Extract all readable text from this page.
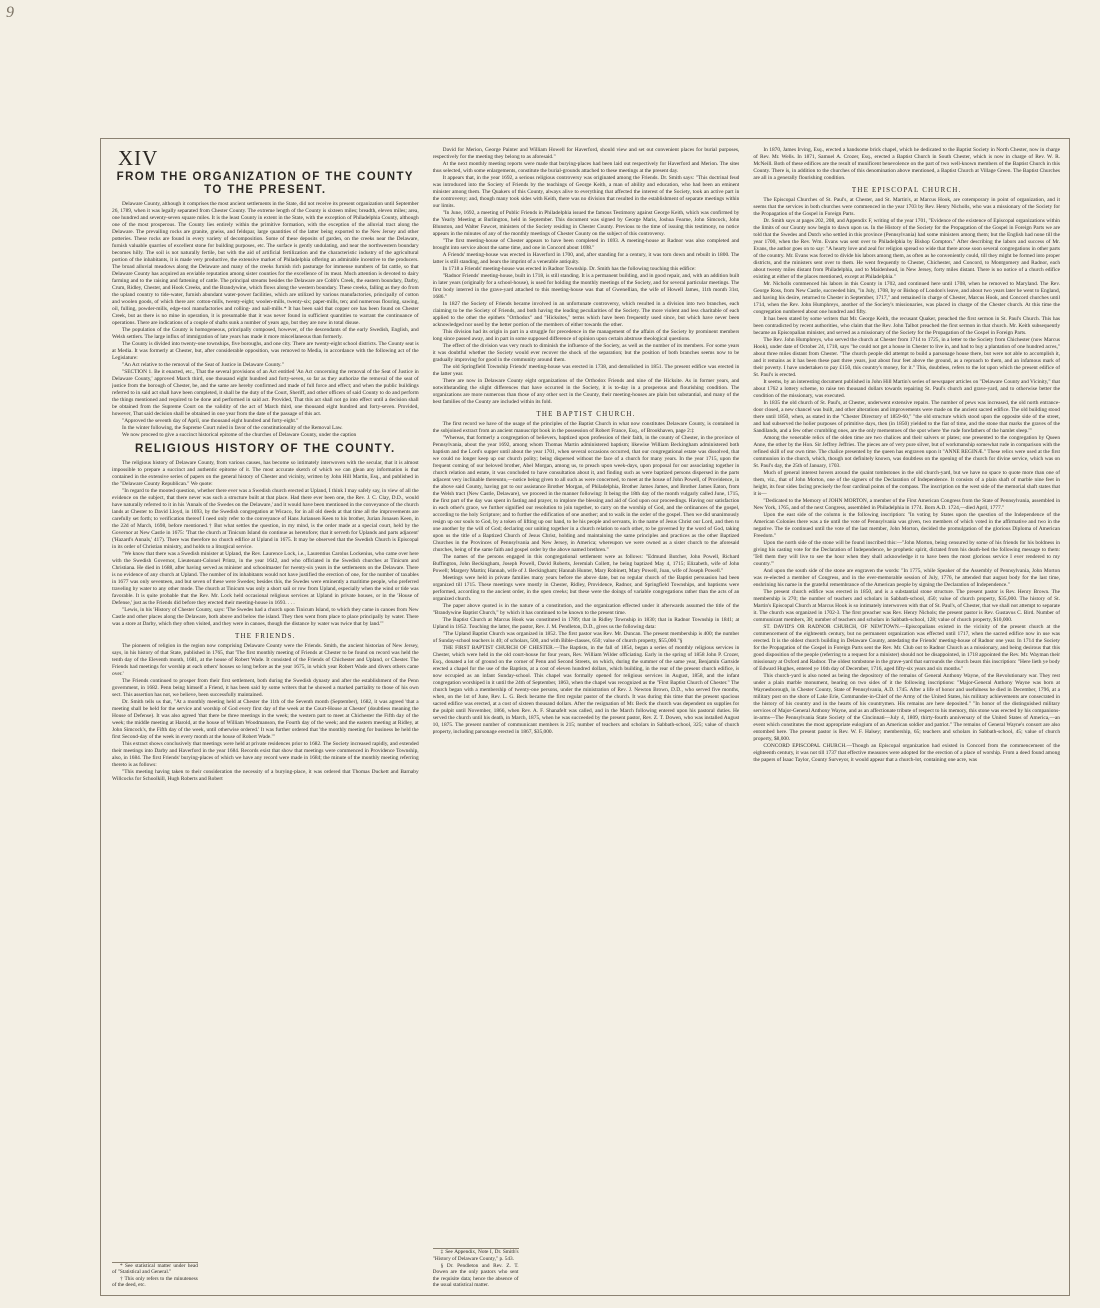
9
XIV
FROM THE ORGANIZATION OF THE COUNTY TO THE PRESENT.

Delaware County, although it comprises the most ancient settlements in the State, did not receive its present organization until September 26, 1789, when it was legally separated from Chester County. The extreme length of the County is sixteen miles; breadth, eleven miles; area, one hundred and seventy-seven square miles. It is the least County in extent in the State, with the exception of Philadelphia County, although one of the most prosperous. The County lies entirely within the primitive formation, with the exception of the alluvial tract along the Delaware. The prevailing rocks are granite, gneiss, and feldspar, large quantities of the latter being exported to the New Jersey and other potteries. These rocks are found in every variety of decomposition. Some of these deposits of garden, on the creeks near the Delaware, furnish valuable quarries of excellent stone for building purposes, etc. The surface is gently undulating, and near the northwestern boundary becomes hilly. The soil is not naturally fertile, but with the aid of artificial fertilization and the characteristic industry of the agricultural portion of the inhabitants, it is made very productive, the extensive market of Philadelphia offering an admirable incentive to the producers. The broad alluvial meadows along the Delaware and many of the creeks furnish rich pasturage for immense numbers of fat cattle, so that Delaware County has acquired an enviable reputation among sister counties for the excellence of its meat. Much attention is devoted to dairy farming and to the raising and fattening of cattle. The principal streams besides the Delaware are Cobb's Creek, the eastern boundary, Darby, Crum, Ridley, Chester, and Hook Creeks, and the Brandywine, which flows along the western boundary. These creeks, falling as they do from the upland country to tide-water, furnish abundant water-power facilities, which are utilized by various manufactories, principally of cotton and woolen goods, of which there are: cotton-mills, twenty-eight; woolen-mills, twenty-six; paper-mills, ten; and numerous flouring, sawing, oil, fulling, powder-mills, edge-tool manufactories and rolling- and nail-mills.* It has been said that copper ore has been found on Chester Creek, but as there is no mine in operation, it is presumable that it was never found in sufficient quantities to warrant the continuance of operations. There are indications of a couple of shafts sunk a number of years ago, but they are now in total disuse.

The population of the County is homogeneous, principally composed, however, of the descendants of the early Swedish, English, and Welsh settlers. The large influx of immigration of late years has made it more miscellaneous than formerly.

The County is divided into twenty-one townships, five boroughs, and one city. There are twenty-eight school districts. The County seat is at Media. It was formerly at Chester, but, after considerable opposition, was removed to Media, in accordance with the following act of the Legislature:

"An Act relative to the removal of the Seat of Justice in Delaware County."

"SECTION 1. Be it enacted, etc., That the several provisions of an Act entitled 'An Act concerning the removal of the Seat of Justice in Delaware County,' approved March third, one thousand eight hundred and forty-seven, so far as they authorize the removal of the seat of justice from the borough of Chester, be, and the same are hereby confirmed and made of full force and effect; and when the public buildings referred to in said act shall have been completed, it shall be the duty of the Court, Sheriff, and other officers of said County to do and perform the things mentioned and required to be done and performed in said act. Provided, That this act shall not go into effect until a decision shall be obtained from the Supreme Court on the validity of the act of March third, one thousand eight hundred and forty-seven. Provided, however, That said decision shall be obtained in one year from the date of the passage of this act.

"Approved the seventh day of April, one thousand eight hundred and forty-eight."

In the winter following, the Supreme Court ruled in favor of the constitutionality of the Removal Law.

We now proceed to give a succinct historical epitome of the churches of Delaware County, under the caption

RELIGIOUS HISTORY OF THE COUNTY.

The religious history of Delaware County, from various causes, has become so intimately interwoven with the secular, that it is almost impossible to prepare a succinct and authentic epitome of it. The most accurate sketch of which we can glean any information is that contained in the extensive series of papers on the general history of Chester and vicinity, written by John Hill Martin, Esq., and published in the "Delaware County Republican." We quote:

"In regard to the mooted question, whether there ever was a Swedish church erected at Upland, I think I may safely say, in view of all the evidence on the subject, that there never was such a structure built at that place. Had there ever been one, the Rev. J. C. Clay, D.D., would have naturally referred to it in his 'Annals of the Swedes on the Delaware,' and it would have been mentioned in the conveyance of the church lands at Chester to David Lloyd, in 1693, by the Swedish congregation at Wicaco, for in all old deeds at that time all the improvements are carefully set forth; to verification thereof I need only refer to the conveyance of Hans Juriansen Keen to his brother, Jurian Jonasen Keen, in the 22d of March, 1698, before mentioned.† But what settles the question, in my mind, is the order made at a special court, held by the Governor at New Castle in 1675: 'That the church at Tinicum Island do continue as heretofore; that it serveth for Uplands and parts adjacent' ('Hazard's Annals,' 417). There was therefore no church edifice at Upland in 1675. It may be observed that the Swedish Church is Episcopal in its order of Christian ministry, and holds to a liturgical service.

"We know that there was a Swedish minister at Upland, the Rev. Laurence Lock, i.e., Laurentius Carolus Lockenius, who came over here with the Swedish Governor, Lieutenant-Colonel Printz, in the year 1642, and who officiated in the Swedish churches at Tinicum and Christiana. He died in 1688, after having served as minister and schoolmaster for twenty-six years in the settlements on the Delaware. There is no evidence of any church at Upland. The number of its inhabitants would not have justified the erection of one, for the number of taxables in 1677 was only seventeen, and but seven of these were Swedes; besides this, the Swedes were eminently a maritime people, who preferred traveling by water to any other mode. The church at Tinicum was only a short sail or row from Upland, especially when the wind or tide was favorable. It is quite probable that the Rev. Mr. Lock held occasional religious services at Upland in private houses, or in the 'House of Defense,' just as the Friends did before they erected their meeting-house in 1693. . . .

"Lewis, in his 'History of Chester County, says: 'The Swedes had a church upon Tinicum Island, to which they came in canoes from New Castle and other places along the Delaware, both above and below the island. They then went from place to place principally by water. There was a store at Darby, which they often visited, and they were in canoes, though the distance by water was twice that by land.'"

THE FRIENDS.

The pioneers of religion in the region now comprising Delaware County were the Friends. Smith, the ancient historian of New Jersey, says, in his history of that State, published in 1765, that 'The first monthly meeting of Friends at Chester to be found on record was held the tenth day of the Eleventh month, 1681, at the house of Robert Wade. It consisted of the Friends of Chichester and Upland, or Chester. The Friends had meetings for worship at each others' houses so long before as the year 1675, in which year Robert Wade and divers others came over.'

The Friends continued to prosper from their first settlement, both during the Swedish dynasty and after the establishment of the Penn government, in 1682. Penn being himself a Friend, it has been said by some writers that he showed a marked partiality to those of his own sect. This assertion has not, we believe, been successfully maintained.

Dr. Smith tells us that, "At a monthly meeting held at Chester the 11th of the Seventh month (September), 1682, it was agreed 'that a meeting shall be held for the service and worship of God every first day of the week at the Court-House at Chester' (doubtless meaning the House of Defense). It was also agreed 'that there be three meetings in the week; the western part to meet at Chichester the Fifth day of the week; the middle meeting at Harold, at the house of William Woodmanson, the Fourth day of the week; and the eastern meeting at Ridley, at John Simcock's, the Fifth day of the week, until otherwise ordered.' It was further ordered that 'the monthly meeting for business be held the first Second-day of the week in every month at the house of Robert Wade.'"

This extract shows conclusively that meetings were held at private residences prior to 1682. The Society increased rapidly, and extended their meetings into Darby and Haverford in the year 1684. Records exist that show that meetings were commenced in Providence Township, also, in 1684. The first Friends' burying-places of which we have any record were made in 1684; the minute of the monthly meeting referring thereto is as follows:

"This meeting having taken to their consideration the necessity of a burying-place, it was ordered that Thomas Duckett and Barnaby Willcocks for Schoolkill, Hugh Roberts and Robert

* See statistical matter under head of "Statistical and General."

† This only refers to the minuteness of the deed, etc.

David for Merion, George Painter and William Howell for Haverford, should view and set out convenient places for burial purposes, respectively for the meeting they belong to as aforesaid."

At the next monthly meeting reports were made that burying-places had been laid out respectively for Haverford and Merion. The sites thus selected, with some enlargements, constitute the burial-grounds attached to these meetings at the present day.

It appears that, in the year 1692, a serious religious controversy was originated among the Friends. Dr. Smith says: "This doctrinal feud was introduced into the Society of Friends by the teachings of George Keith, a man of ability and education, who had been an eminent minister among them. The Quakers of this County, always alive to everything that affected the interest of the Society, took an active part in the controversy; and, though many took sides with Keith, there was no division that resulted in the establishment of separate meetings within our limits.

"In June, 1692, a meeting of Public Friends in Philadelphia issued the famous Testimony against George Keith, which was confirmed by the Yearly Meeting at Burlington, held in September. This document was signed by George Maris, Joshua Fearne, John Simcock, John Blunston, and Walter Fawcet, ministers of the Society residing in Chester County. Previous to the time of issuing this testimony, no notice appears in the minutes of any of the monthly meetings of Chester County on the subject of this controversy.

"The first meeting-house of Chester appears to have been completed in 1693. A meeting-house at Radnor was also completed and brought into service about the same time, and one in Concord about 1698."

A Friends' meeting-house was erected in Haverford in 1700, and, after standing for a century, it was torn down and rebuilt in 1800. The latter is still standing, and bears the imprint of a venerable antiquity.

In 1718 a Friends' meeting-house was erected in Radnor Township. Dr. Smith has the following touching this edifice:

"Radnor Friends' meeting-house, built in 1718, is still standing. It is a permanent building, and in good repair, and, with an addition built in later years (originally for a school-house), is used for holding the monthly meetings of the Society, and for several particular meetings. The first body interred in the grave-yard attached to this meeting-house was that of Gwenellian, the wife of Howell James, 11th month 31st, 1686."

In 1827 the Society of Friends became involved in an unfortunate controversy, which resulted in a division into two branches, each claiming to be the Society of Friends, and both having the leading peculiarities of the Society. The more violent and less charitable of each applied to the other the epithets "Orthodox" and "Hicksites," terms which have been frequently used since, but which have never been acknowledged nor used by the better portion of the members of either towards the other.

This division had its origin in part in a struggle for precedence in the management of the affairs of the Society by prominent members long since passed away, and in part in some supposed difference of opinion upon certain abstruse theological questions.

The effect of the division was very much to diminish the influence of the Society, as well as the number of its members. For some years it was doubtful whether the Society would ever recover the shock of the separation; but the position of both branches seems now to be gradually improving for good in the community around them.

The old Springfield Township Friends' meeting-house was erected in 1738, and demolished in 1851. The present edifice was erected in the latter year.

There are now in Delaware County eight organizations of the Orthodox Friends and nine of the Hicksite. As in former years, and notwithstanding the slight differences that have occurred in the Society, it is to-day in a prosperous and flourishing condition. The organizations are more numerous than those of any other sect in the County, their meeting-houses are plain but substantial, and many of the best families of the County are included within its fold.

THE BAPTIST CHURCH.

The first record we have of the usage of the principles of the Baptist Church in what now constitutes Delaware County, is contained in the subjoined extract from an ancient manuscript book in the possession of Robert France, Esq., of Brookhaven, page 2:‡

"Whereas, that formerly a congregation of believers, baptized upon profession of their faith, in the county of Chester, in the province of Pennsylvania, about the year 1692, among whom Thomas Martin administered baptism; likewise William Beckingham administered both baptism and the Lord's supper until about the year 1701, when several occasions occurred, that our congregational estate was dissolved, that we could no longer keep up our church polity; being dispersed without the face of a church for many years. In the year 1715, upon the frequent coming of our beloved brother, Abel Morgan, among us, to preach upon week-days, upon proposal for our associating together in church relation and estate, it was concluded to have consultation about it, and finding such as were baptized persons dispersed in the parts adjacent very inclinable thereunto,—notice being given to all such as were concerned, to meet at the house of John Powell, of Providence, in the above said County, having got to our assistance Brother Morgan, of Philadelphia, Brother James James, and Brother James Eaton, from the Welsh tract (New Castle, Delaware), we proceed in the manner following: It being the 18th day of the month vulgarly called June, 1715, the first part of the day was spent in fasting and prayer, to implore the blessing and aid of God upon our proceedings. Having our satisfaction in each other's grace, we further signified our resolution to join together, to carry on the worship of God, and the ordinances of the gospel, according to the holy Scripture; and to further the edification of one another; and to walk in the order of the gospel. Then we did unanimously resign up our souls to God, by a token of lifting up our hand, to be his people and servants, in the name of Jesus Christ our Lord, and then to one another by the will of God; declaring our uniting together in a church relation to each other, to be governed by the word of God, taking upon us the title of a Baptized Church of Jesus Christ, holding and maintaining the same principles and practices as the other Baptized Churches in the Provinces of Pennsylvania and New Jersey, in America; whereupon we were owned as a sister church to the aforesaid churches, being of the same faith and gospel order by the above named brethren."

The names of the persons engaged in this congregational settlement were as follows: "Edmund Butcher, John Powell, Richard Buffington, John Beckingham, Joseph Powell, David Roberts, Jeremiah Collett, he being baptized May 4, 1715; Elizabeth, wife of John Powell; Margery Martin; Hannah, wife of J. Beckingham; Hannah Hunter, Mary Robinett, Mary Powell, Joan, wife of Joseph Powell."

Meetings were held in private families many years before the above date, but no regular church of the Baptist persuasion had been organized till 1715. These meetings were mostly in Chester, Ridley, Providence, Radnor, and Springfield Townships, and baptisms were performed, according to the ancient order, in the open creeks; but these were the doings of variable congregations rather than the acts of an organized church.

The paper above quoted is in the nature of a constitution, and the organization effected under it afterwards assumed the title of the "Brandywine Baptist Church," by which it has continued to be known to the present time.

The Baptist Church at Marcus Hook was constituted in 1789; that in Ridley Township in 1830; that in Radnor Township in 1841; at Upland in 1852. Touching the latter, the pastor, Rev. J. M. Pendleton, D.D., gives us the following data:

"The Upland Baptist Church was organized in 1852. The first pastor was Rev. Mr. Duncan. The present membership is 400; the number of Sunday-school teachers is 40; of scholars, 500, and with Bible-classes, 650; value of church property, $55,000."§

THE FIRST BAPTIST CHURCH OF CHESTER.—The Baptists, in the fall of 1854, began a series of monthly religious services in Chester, which were held in the old court-house for four years, Rev. William Wilder officiating. Early in the spring of 1858 John P. Crozer, Esq., donated a lot of ground on the corner of Penn and Second Streets, on which, during the summer of the same year, Benjamin Gartside erected a chapel for the use of the Baptists, at a cost of eleven hundred dollars, which building, in the rear of the present church edifice, is now occupied as an infant Sunday-school. This chapel was formally opened for religious services in August, 1858, and the infant congregation worshiped in it until the 24th of September, 1863, when the chapel was recognized as the "First Baptist Church of Chester." The church began with a membership of twenty-one persons, under the ministration of Rev. J. Newton Brown, D.D., who served five months, when, on the 1st of June, Rev. L. G. Beck became the first regular pastor of the church. It was during this time that the present spacious sacred edifice was erected, at a cost of sixteen thousand dollars. After the resignation of Mr. Beck the church was dependent on supplies for the pulpit until November, 1866, when Rev. A. F. Shanafelt was called, and in the March following entered upon his pastoral duties. He served the church until his death, in March, 1875, when he was succeeded by the present pastor, Rev. Z. T. Dowen, who was installed August 10, 1875. The present number of communicant members is 215; number of teachers and scholars in Sabbath-school, 325; value of church property, including parsonage erected in 1867, $35,000.

‡ See Appendix, Note I, Dr. Smith's "History of Delaware County," p. 543.

§ Dr. Pendleton and Rev. Z. T. Dowen are the only pastors who sent the requisite data; hence the absence of the usual statistical matter.

In 1870, James Irving, Esq., erected a handsome brick chapel, which he dedicated to the Baptist Society in North Chester, now in charge of Rev. Mr. Wells. In 1871, Samuel A. Crozer, Esq., erected a Baptist Church in South Chester, which is now in charge of Rev. W. R. McNeill. Both of these edifices are the result of munificent benevolence on the part of two well-known members of the Baptist Church in this County. There is, in addition to the churches of this denomination above mentioned, a Baptist Church at Village Green. The Baptist Churches are all in a generally flourishing condition.

THE EPISCOPAL CHURCH.

The Episcopal Churches of St. Paul's, at Chester, and St. Martin's, at Marcus Hook, are cotemporary in point of organization, and it seems that the services in both churches were commenced in the year 1703 by Rev. Henry Nicholls, who was a missionary of the Society for the Propagation of the Gospel in Foreign Parts.

Dr. Smith says at pages 202, 208, and Appendix F, writing of the year 1701, "Evidence of the existence of Episcopal organizations within the limits of our County now begin to dawn upon us. In the History of the Society for the Propagation of the Gospel in Foreign Parts we are told that the Swedes and Dutch who settled in this province (Pennsylvania) had some ministers among them; but the English had none till the year 1700, when the Rev. Wm. Evans was sent over to Philadelphia by Bishop Compton." After describing the labors and success of Mr. Evans, the author goes on to say: "A hearty love and zeal for religion spread so wide that there arose soon several congregations in other parts of the country. Mr. Evans was forced to divide his labors among them, as often as he conveniently could, till they might be formed into proper districts, and the ministers sent over to them. He went frequently to Chester, Chichester, and Concord, to Montgomery and Radnor, each about twenty miles distant from Philadelphia, and to Maidenhead, in New Jersey, forty miles distant. There is no notice of a church edifice existing at either of the places mentioned, except at Philadelphia."

Mr. Nicholls commenced his labors in this County in 1702, and continued here until 1708, when he removed to Maryland. The Rev. George Ross, from New Castle, succeeded him, "in July, 1708, by or Bishop of London's leave, and about two years later he went to England, and having his desire, returned to Chester in September, 1717," and remained in charge of Chester, Marcus Hook, and Concord churches until 1714, when the Rev. John Humphreys, another of the Society's missionaries, was placed in charge of the Chester church. At this time the congregation numbered about one hundred and fifty.

It has been stated by some writers that Mr. George Keith, the recusant Quaker, preached the first sermon in St. Paul's Church. This has been contradicted by recent authorities, who claim that the Rev. John Talbot preached the first sermon in that church. Mr. Keith subsequently became an Episcopalian minister, and served as a missionary of the Society for the Propagation of the Gospel in Foreign Parts.

The Rev. John Humphreys, who served the church at Chester from 1714 to 1725, in a letter to the Society from Chichester (now Marcus Hook), under date of October 24, 1718, says "he could not get a house in Chester to live in, and had to buy a plantation of one hundred acres," about three miles distant from Chester. "The church people did attempt to build a parsonage house there, but were not able to accomplish it, and it remains as it has been these past three years, just about four feet above the ground, as a reproach to them, and an infamous mark of their poverty. I have undertaken to pay £150, this country's money, for it." This, doubtless, refers to the lot upon which the present edifice of St. Paul's is erected.

It seems, by an interesting document published in John Hill Martin's series of newspaper articles on "Delaware County and Vicinity," that about 1762 a lottery scheme, to raise ten thousand dollars towards repairing St. Paul's church and grave-yard, and to otherwise better the condition of the missionary, was executed.

In 1835 the old church of St. Paul's, at Chester, underwent extensive repairs. The number of pews was increased, the old north entrance-door closed, a new chancel was built, and other alterations and improvements were made on the ancient sacred edifice. The old building stood there until 1850, when, as stated in the "Chester Directory of 1859-60," "the old structure which stood upon the opposite side of the street, and had subserved the holier purposes of primitive days, then (in 1850) yielded to the fiat of time, and the stone that marks the graves of the Sandilands, and a few other crumbling ones, are the only mementoes of the spot where 'the rude forefathers of the hamlet sleep.'"

Among the venerable relics of the olden time are two chalices and their salvers or plates; one presented to the congregation by Queen Anne, the other by the Hon. Sir Jeffrey Jeffries. The pieces are of very pure silver, but of workmanship somewhat rude in comparison with the refined skill of our own time. The chalice presented by the queen has engraven upon it "ANNE REGINÆ." These relics were used at the first communion in the church, which, though not definitely known, was doubtless on the opening of the church for divine service, which was on St. Paul's day, the 25th of January, 1703.

Much of general interest hovers around the quaint tombstones in the old church-yard, but we have no space to quote more than one of them, viz., that of John Morton, one of the signers of the Declaration of Independence. It consists of a plain shaft of marble nine feet in height, its four sides facing precisely the four cardinal points of the compass. The inscription on the west side of the memorial shaft states that it is—

"Dedicated to the Memory of JOHN MORTON, a member of the First American Congress from the State of Pennsylvania, assembled in New York, 1765, and of the next Congress, assembled in Philadelphia in 1774. Born A.D. 1724,—died April, 1777."

Upon the east side of the column is the following inscription: "In voting by States upon the question of the Independence of the American Colonies there was a tie until the vote of Pennsylvania was given, two members of which voted in the affirmative and two in the negative. The tie continued until the vote of the last member, John Morton, decided the promulgation of the glorious Diploma of American Freedom."

Upon the north side of the stone will be found inscribed this:—"John Morton, being censured by some of his friends for his boldness in giving his casting vote for the Declaration of Independence, he prophetic spirit, dictated from his death-bed the following message to them: 'Tell them they will live to see the hour when they shall acknowledge it to have been the most glorious service I ever rendered to my country.'"

And upon the south side of the stone are engraven the words: "In 1775, while Speaker of the Assembly of Pennsylvania, John Morton was re-elected a member of Congress, and in the ever-memorable session of July, 1776, he attended that august body for the last time, enshrining his name in the grateful remembrance of the American people by signing the Declaration of Independence."

The present church edifice was erected in 1850, and is a substantial stone structure. The present pastor is Rev. Henry Brown. The membership is 270; the number of teachers and scholars in Sabbath-school, 450; value of church property, $35,000. The history of St. Martin's Episcopal Church at Marcus Hook is so intimately interwoven with that of St. Paul's, of Chester, that we shall not attempt to separate it. The church was organized in 1702-3. The first preacher was Rev. Henry Nichols; the present pastor is Rev. Gustavus C. Bird. Number of communicant members, 38; number of teachers and scholars in Sabbath-school, 128; value of church property, $10,000.

ST. DAVID'S OR RADNOR CHURCH, OF NEWTOWN.—Episcopalians existed in the vicinity of the present church at the commencement of the eighteenth century, but no permanent organization was effected until 1717, when the sacred edifice now in use was erected. It is the oldest church building in Delaware County, antedating the Friends' meeting-house of Radnor one year. In 1714 the Society for the Propagation of the Gospel in Foreign Parts sent the Rev. Mr. Club out to Radnor Church as a missionary, and being desirous that this good disposition of the people (referring to a request for a minister) should not be disappointed, in 1718 appointed the Rev. Mr. Wayman their missionary at Oxford and Radnor. The oldest tombstone in the grave-yard that surrounds the church bears this inscription: "Here lieth ye body of Edward Hughes, entered ye 16th day of December, 1716, aged fifty-six years and six months."

This church-yard is also noted as being the depository of the remains of General Anthony Wayne, of the Revolutionary war. They rest under a plain marble monument, bearing on two sides of it the following inscriptions: "Major-General Anthony Wayne was born at Waynesborough, in Chester County, State of Pennsylvania, A.D. 1745. After a life of honor and usefulness he died in December, 1796, at a military post on the shore of Lake Erie, Commander-in-Chief of the Army of the United States, his military achievements are consecrated in the history of his country and in the hearts of his countrymen. His remains are here deposited." "In honor of the distinguished military services of Major-General Anthony Wayne, and as an affectionate tribute of respect to his memory, this stone was erected by his companions-in-arms—The Pennsylvania State Society of the Cincinnati—July 4, 1809, thirty-fourth anniversary of the United States of America,—an event which constitutes the most appropriate eulogium of an American soldier and patriot." The remains of General Wayne's consort are also entombed here. The present pastor is Rev. W. F. Halsey; membership, 65; teachers and scholars in Sabbath-school, 45; value of church property, $8,000.

CONCORD EPISCOPAL CHURCH.—Though an Episcopal organization had existed in Concord from the commencement of the eighteenth century, it was not till 1737 that effective measures were adopted for the erection of a place of worship. From a deed found among the papers of Isaac Taylor, County Surveyor, it would appear that a church-lot, containing one acre, was
